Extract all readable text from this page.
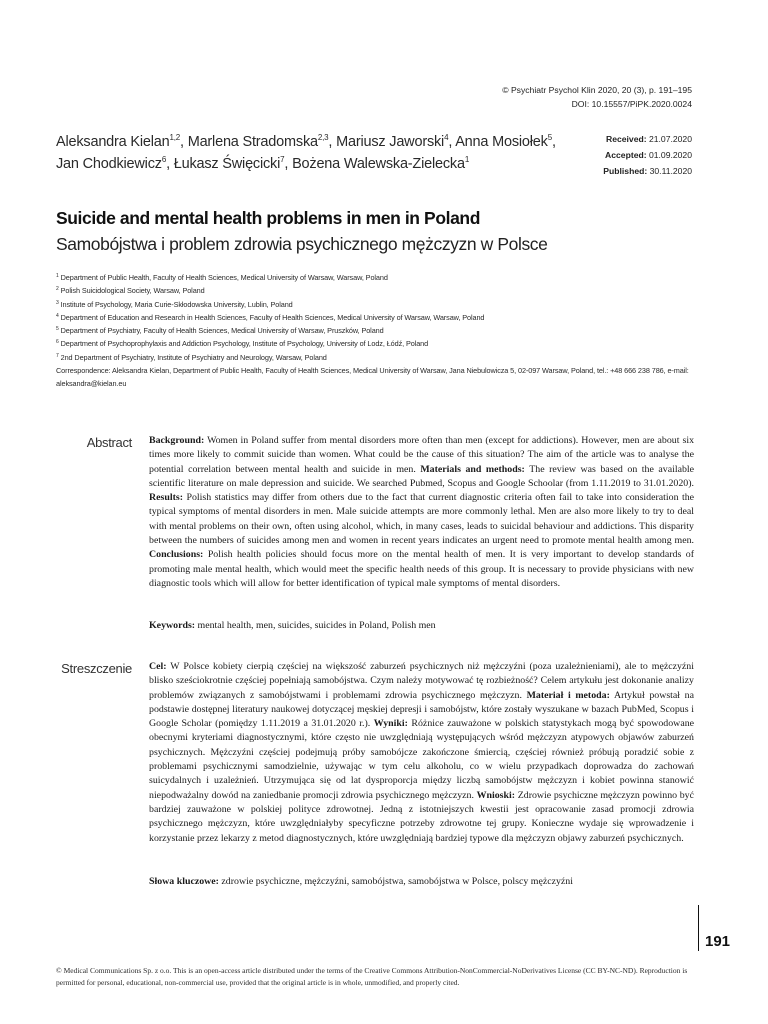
© Psychiatr Psychol Klin 2020, 20 (3), p. 191–195
DOI: 10.15557/PiPK.2020.0024
Aleksandra Kielan$^{1,2}$, Marlena Stradomska$^{2,3}$, Mariusz Jaworski$^4$, Anna Mosiołek$^5$,
Jan Chodkiewicz$^6$, Łukasz Święcicki$^7$, Bożena Walewska-Zielecka$^1$
Received: 21.07.2020
Accepted: 01.09.2020
Published: 30.11.2020
Suicide and mental health problems in men in Poland
Samobójstwa i problem zdrowia psychicznego mężczyzn w Polsce
$^1$ Department of Public Health, Faculty of Health Sciences, Medical University of Warsaw, Warsaw, Poland
$^2$ Polish Suicidological Society, Warsaw, Poland
$^3$ Institute of Psychology, Maria Curie-Skłodowska University, Lublin, Poland
$^4$ Department of Education and Research in Health Sciences, Faculty of Health Sciences, Medical University of Warsaw, Warsaw, Poland
$^5$ Department of Psychiatry, Faculty of Health Sciences, Medical University of Warsaw, Pruszków, Poland
$^6$ Department of Psychoprophylaxis and Addiction Psychology, Institute of Psychology, University of Lodz, Łódź, Poland
$^7$ 2nd Department of Psychiatry, Institute of Psychiatry and Neurology, Warsaw, Poland
Correspondence: Aleksandra Kielan, Department of Public Health, Faculty of Health Sciences, Medical University of Warsaw, Jana Niebulowicza 5, 02-097 Warsaw, Poland, tel.: +48 666 238 786, e-mail: aleksandra@kielan.eu
Abstract Background: Women in Poland suffer from mental disorders more often than men (except for addictions). However, men are about six times more likely to commit suicide than women. What could be the cause of this situation? The aim of the article was to analyse the potential correlation between mental health and suicide in men. Materials and methods: The review was based on the available scientific literature on male depression and suicide. We searched Pubmed, Scopus and Google Schoolar (from 1.11.2019 to 31.01.2020). Results: Polish statistics may differ from others due to the fact that current diagnostic criteria often fail to take into consideration the typical symptoms of mental disorders in men. Male suicide attempts are more commonly lethal. Men are also more likely to try to deal with mental problems on their own, often using alcohol, which, in many cases, leads to suicidal behaviour and addictions. This disparity between the numbers of suicides among men and women in recent years indicates an urgent need to promote mental health among men. Conclusions: Polish health policies should focus more on the mental health of men. It is very important to develop standards of promoting male mental health, which would meet the specific health needs of this group. It is necessary to provide physicians with new diagnostic tools which will allow for better identification of typical male symptoms of mental disorders.
Keywords: mental health, men, suicides, suicides in Poland, Polish men
Streszczenie Cel: W Polsce kobiety cierpią częściej na większość zaburzeń psychicznych niż mężczyźni (poza uzależnieniami), ale to mężczyźni blisko sześciokrotnie częściej popełniają samobójstwa. Czym należy motywować tę rozbieżność? Celem artykułu jest dokonanie analizy problemów związanych z samobójstwami i problemami zdrowia psychicznego mężczyzn. Materiał i metoda: Artykuł powstał na podstawie dostępnej literatury naukowej dotyczącej męskiej depresji i samobójstw, które zostały wyszukane w bazach PubMed, Scopus i Google Scholar (pomiędzy 1.11.2019 a 31.01.2020 r.). Wyniki: Różnice zauważone w polskich statystykach mogą być spowodowane obecnymi kryteriami diagnostycznymi, które często nie uwzględniają występujących wśród mężczyzn atypowych objawów zaburzeń psychicznych. Mężczyźni częściej podejmują próby samobójcze zakończone śmiercią, częściej również próbują poradzić sobie z problemami psychicznymi samodzielnie, używając w tym celu alkoholu, co w wielu przypadkach doprowadza do zachowań suicydalnych i uzależnień. Utrzymująca się od lat dysproporcja między liczbą samobójstw mężczyzn i kobiet powinna stanowić niepodważalny dowód na zaniedbanie promocji zdrowia psychicznego mężczyzn. Wnioski: Zdrowie psychiczne mężczyzn powinno być bardziej zauważone w polskiej polityce zdrowotnej. Jedną z istotniejszych kwestii jest opracowanie zasad promocji zdrowia psychicznego mężczyzn, które uwzględniałyby specyficzne potrzeby zdrowotne tej grupy. Konieczne wydaje się wprowadzenie i korzystanie przez lekarzy z metod diagnostycznych, które uwzględniają bardziej typowe dla mężczyzn objawy zaburzeń psychicznych.
Słowa kluczowe: zdrowie psychiczne, mężczyźni, samobójstwa, samobójstwa w Polsce, polscy mężczyźni
191
© Medical Communications Sp. z o.o. This is an open-access article distributed under the terms of the Creative Commons Attribution-NonCommercial-NoDerivatives License (CC BY-NC-ND). Reproduction is permitted for personal, educational, non-commercial use, provided that the original article is in whole, unmodified, and properly cited.
